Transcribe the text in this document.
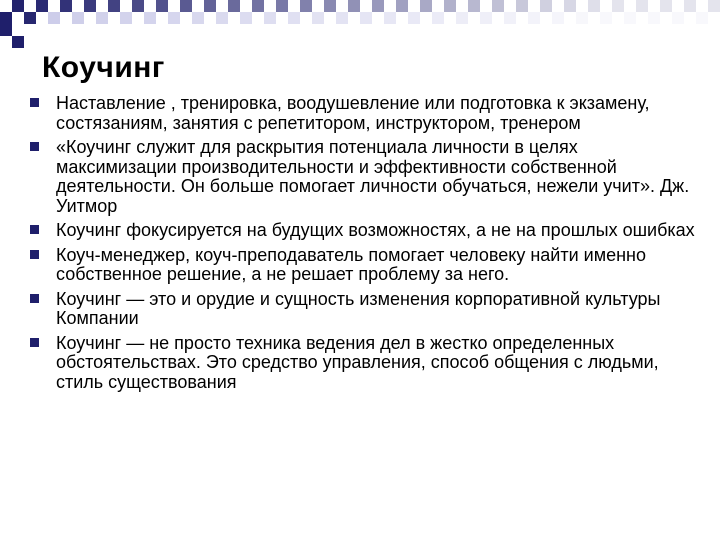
Коучинг
Наставление , тренировка, воодушевление или подготовка к экзамену, состязаниям, занятия с репетитором, инструктором, тренером
«Коучинг служит для раскрытия потенциала личности в целях максимизации производительности и эффективности собственной деятельности. Он больше помогает личности обучаться, нежели учит». Дж. Уитмор
Коучинг фокусируется на будущих возможностях, а не на прошлых ошибках
Коуч-менеджер, коуч-преподаватель помогает человеку найти именно собственное решение, а не решает проблему за него.
Коучинг — это и орудие и сущность изменения корпоративной культуры Компании
Коучинг — не просто техника ведения дел в жестко определенных обстоятельствах. Это средство управления, способ общения с людьми, стиль существования
